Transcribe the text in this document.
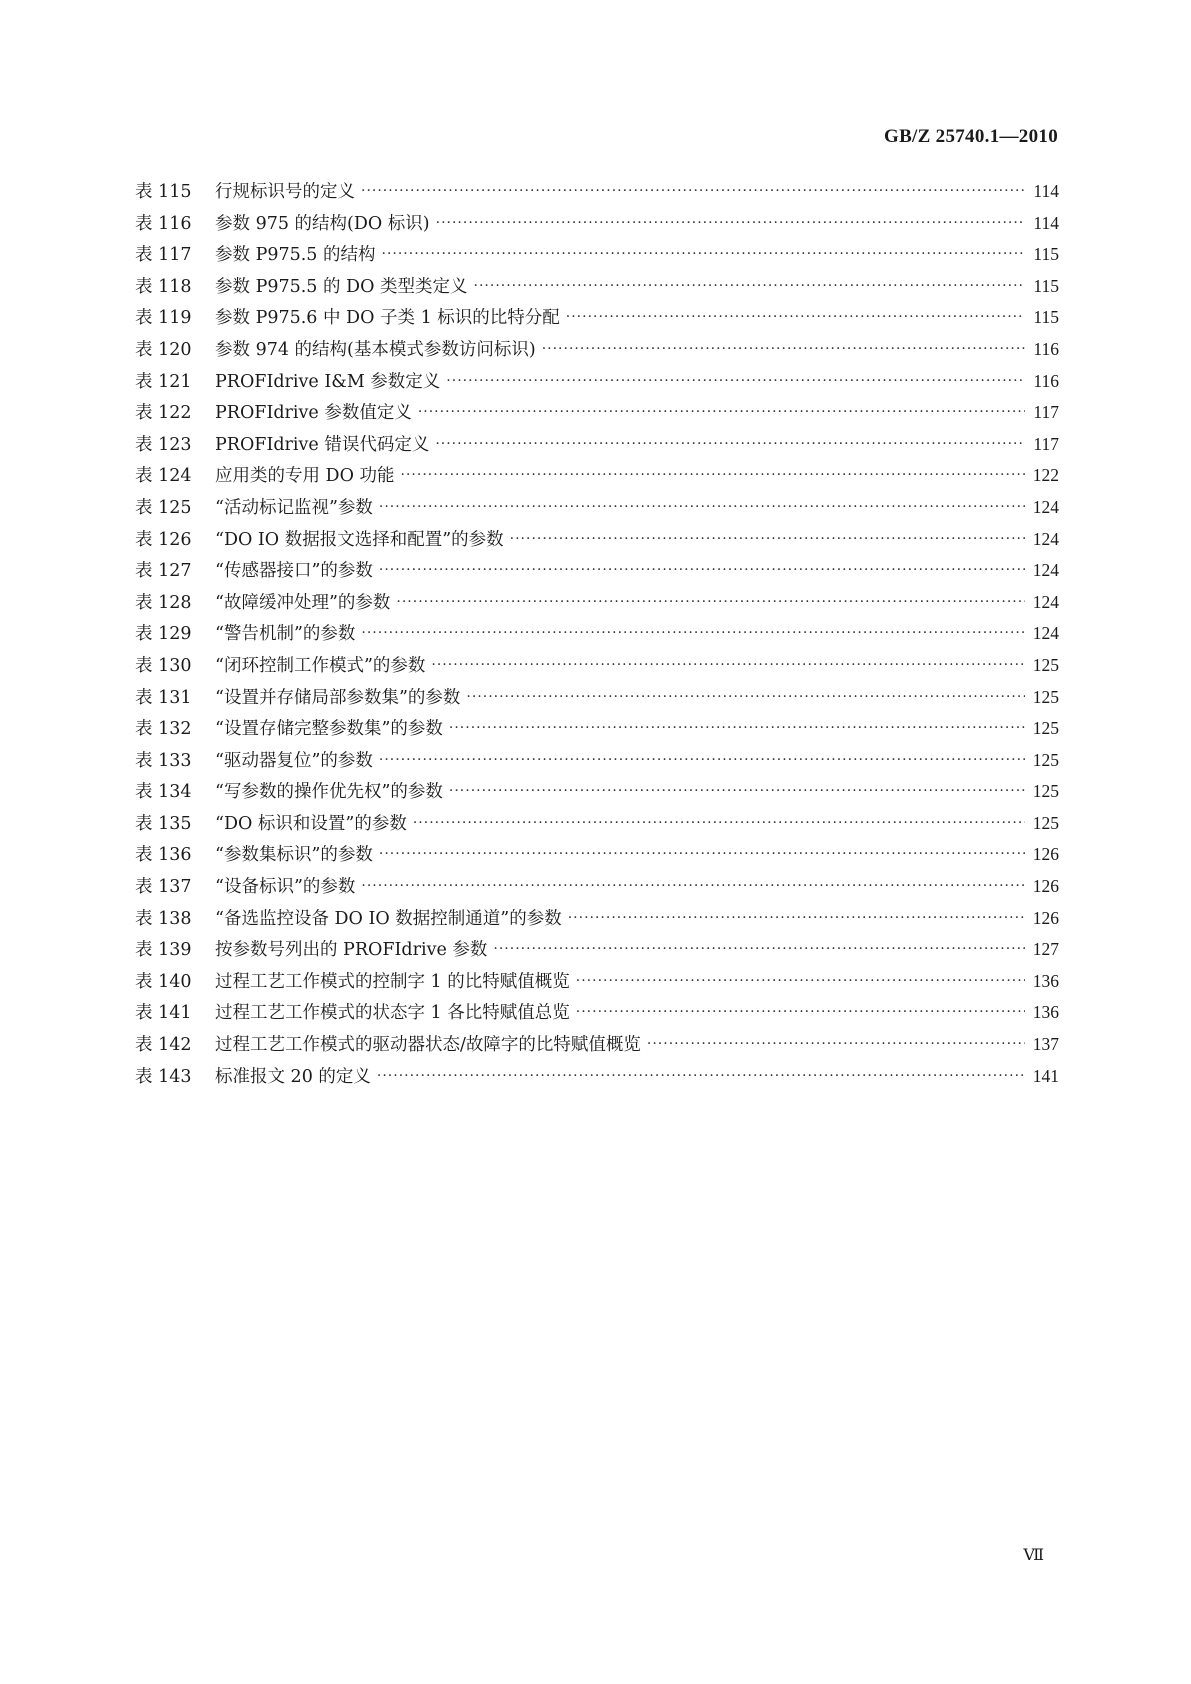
GB/Z 25740.1—2010
表 115	行规标识号的定义 ·····	114
表 116	参数 975 的结构(DO 标识) ·····	114
表 117	参数 P975.5 的结构 ·····	115
表 118	参数 P975.5 的 DO 类型类定义 ·····	115
表 119	参数 P975.6 中 DO 子类 1 标识的比特分配 ·····	115
表 120	参数 974 的结构(基本模式参数访问标识) ·····	116
表 121	PROFIdrive I&M 参数定义 ·····	116
表 122	PROFIdrive 参数值定义 ·····	117
表 123	PROFIdrive 错误代码定义 ·····	117
表 124	应用类的专用 DO 功能 ·····	122
表 125	“活动标记监视”参数 ·····	124
表 126	“DO IO 数据报文选择和配置”的参数 ·····	124
表 127	“传感器接口”的参数 ·····	124
表 128	“故障缓冲处理”的参数 ·····	124
表 129	“警告机制”的参数 ·····	124
表 130	“闭环控制工作模式”的参数 ·····	125
表 131	“设置并存储局部参数集”的参数 ·····	125
表 132	“设置存储完整参数集”的参数 ·····	125
表 133	“驱动器复位”的参数 ·····	125
表 134	“写参数的操作优先权”的参数 ·····	125
表 135	“DO 标识和设置”的参数 ·····	125
表 136	“参数集标识”的参数 ·····	126
表 137	“设备标识”的参数 ·····	126
表 138	“备选监控设备 DO IO 数据控制通道”的参数 ·····	126
表 139	按参数号列出的 PROFIdrive 参数 ·····	127
表 140	过程工艺工作模式的控制字 1 的比特赋值概览 ·····	136
表 141	过程工艺工作模式的状态字 1 各比特赋值总览 ·····	136
表 142	过程工艺工作模式的驱动器状态/故障字的比特赋值概览 ·····	137
表 143	标准报文 20 的定义 ·····	141
Ⅶ
